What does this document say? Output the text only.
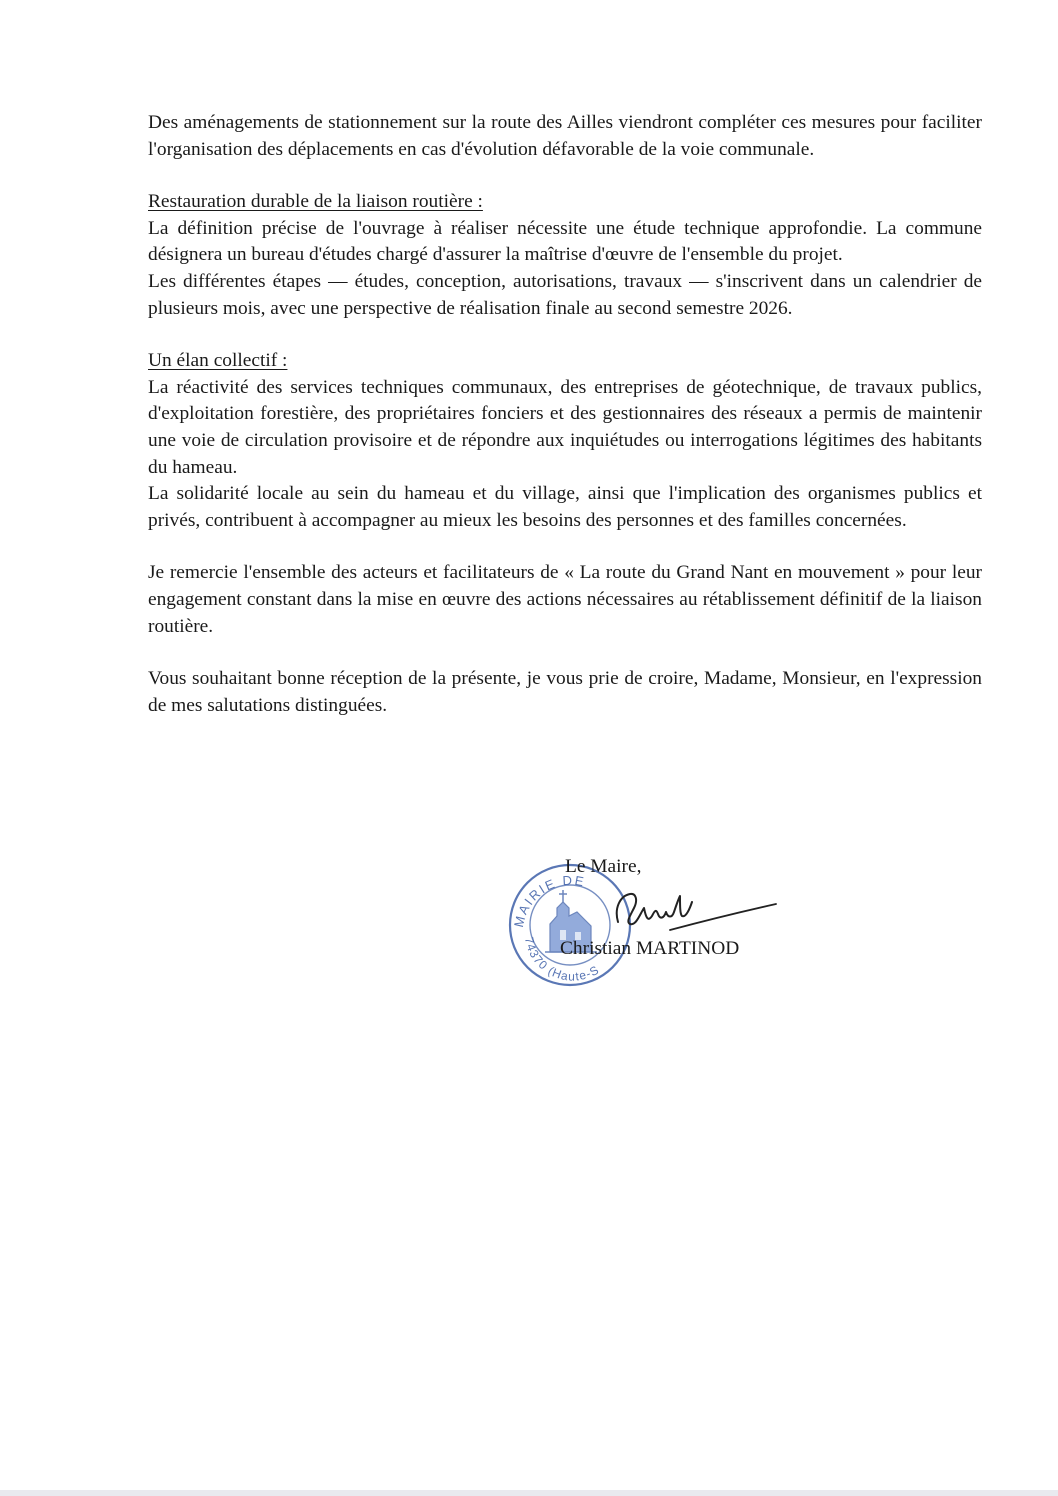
Des aménagements de stationnement sur la route des Ailles viendront compléter ces mesures pour faciliter l'organisation des déplacements en cas d'évolution défavorable de la voie communale.

Restauration durable de la liaison routière :

La définition précise de l'ouvrage à réaliser nécessite une étude technique approfondie. La commune désignera un bureau d'études chargé d'assurer la maîtrise d'œuvre de l'ensemble du projet.

Les différentes étapes — études, conception, autorisations, travaux — s'inscrivent dans un calendrier de plusieurs mois, avec une perspective de réalisation finale au second semestre 2026.

Un élan collectif :

La réactivité des services techniques communaux, des entreprises de géotechnique, de travaux publics, d'exploitation forestière, des propriétaires fonciers et des gestionnaires des réseaux a permis de maintenir une voie de circulation provisoire et de répondre aux inquiétudes ou interrogations légitimes des habitants du hameau.

La solidarité locale au sein du hameau et du village, ainsi que l'implication des organismes publics et privés, contribuent à accompagner au mieux les besoins des personnes et des familles concernées.

Je remercie l'ensemble des acteurs et facilitateurs de « La route du Grand Nant en mouvement » pour leur engagement constant dans la mise en œuvre des actions nécessaires au rétablissement définitif de la liaison routière.

Vous souhaitant bonne réception de la présente, je vous prie de croire, Madame, Monsieur, en l'expression de mes salutations distinguées.

MAIRIE DE
74370 (Haute-S
Le Maire,
Christian MARTINOD
